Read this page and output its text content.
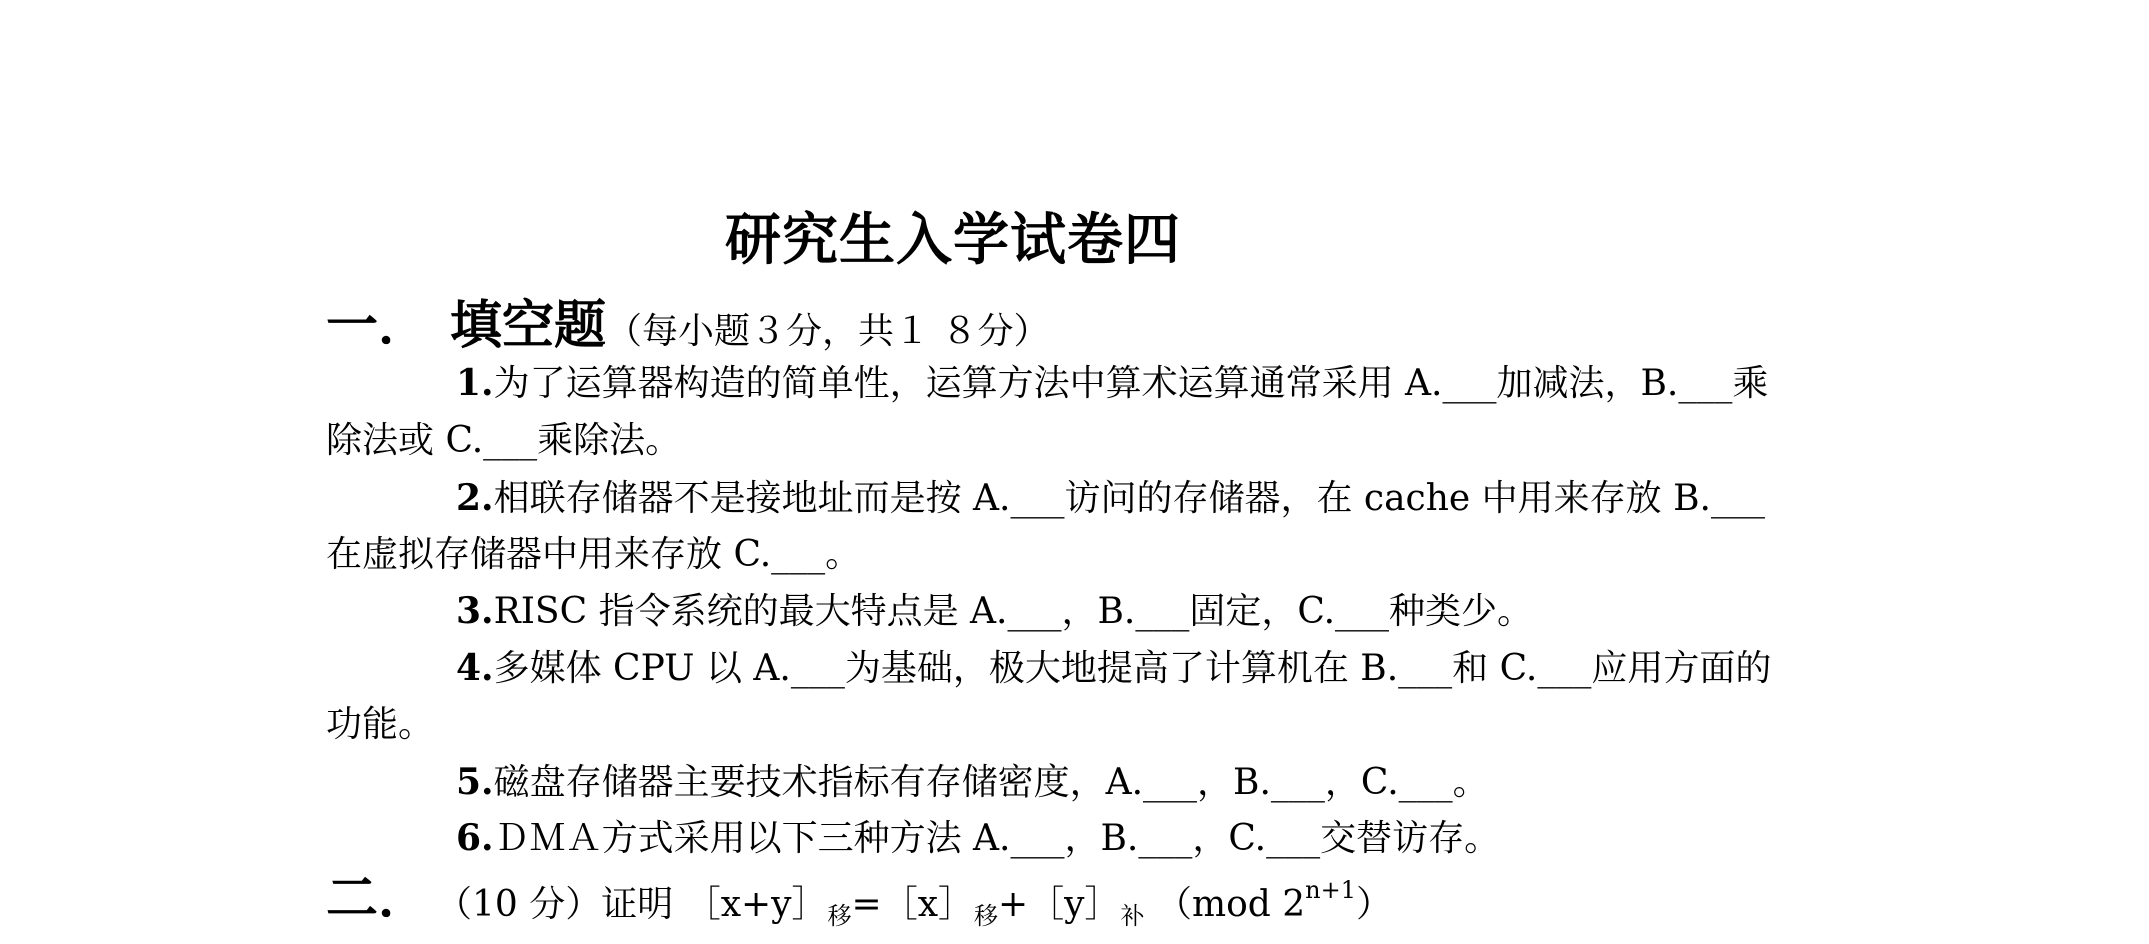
研究生入学试卷四
一． 填空题（每小题３分，共１ ８分）
1.为了运算器构造的简单性，运算方法中算术运算通常采用 A.___加减法，B.___乘
除法或 C.___乘除法。
2.相联存储器不是接地址而是按 A.___访问的存储器，在 cache 中用来存放 B.___
在虚拟存储器中用来存放 C.___。
3.RISC 指令系统的最大特点是 A.___，B.___固定，C.___种类少。
4.多媒体 CPU 以 A.___为基础，极大地提高了计算机在 B.___和 C.___应用方面的
功能。
5.磁盘存储器主要技术指标有存储密度，A.___，B.___，C.___。
6.ＤＭＡ方式采用以下三种方法 A.___，B.___，C.___交替访存。
二． （10 分）证明 $[x+y]_移=[x]_移+[y]_补$ （mod $2^{n+1}$）
